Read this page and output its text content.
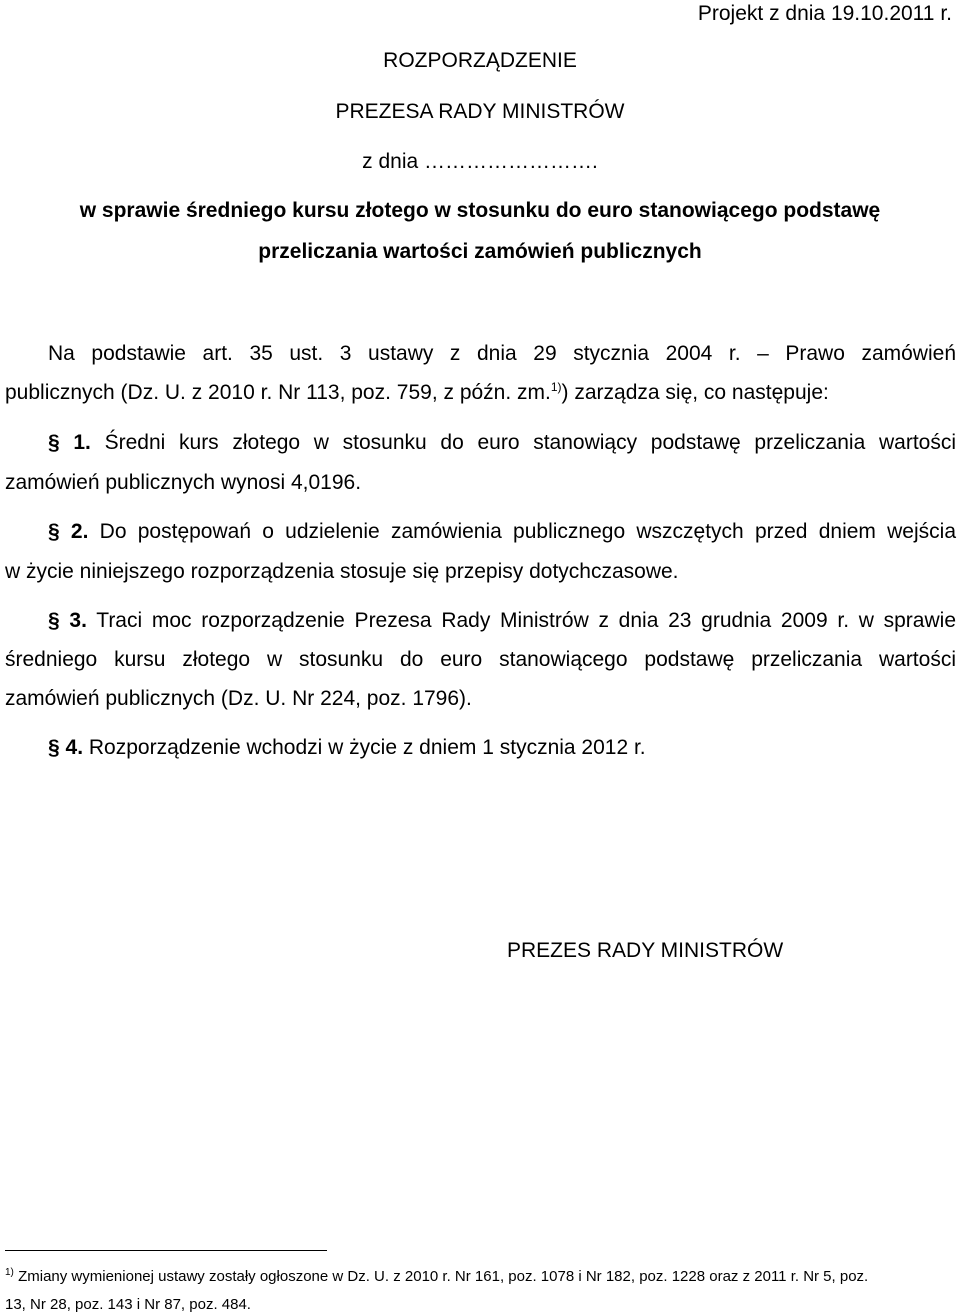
Projekt z dnia 19.10.2011 r.
ROZPORZĄDZENIE
PREZESA RADY MINISTRÓW
z dnia …………………….
w sprawie średniego kursu złotego w stosunku do euro stanowiącego podstawę
przeliczania wartości zamówień publicznych
Na podstawie art. 35 ust. 3 ustawy z dnia 29 stycznia 2004 r. – Prawo zamówień
publicznych (Dz. U. z 2010 r. Nr 113, poz. 759, z późn. zm.$^{1)}$) zarządza się, co następuje:
§ 1. Średni kurs złotego w stosunku do euro stanowiący podstawę przeliczania wartości
zamówień publicznych wynosi 4,0196.
§ 2. Do postępowań o udzielenie zamówienia publicznego wszczętych przed dniem wejścia
w życie niniejszego rozporządzenia stosuje się przepisy dotychczasowe.
§ 3. Traci moc rozporządzenie Prezesa Rady Ministrów z dnia 23 grudnia 2009 r. w sprawie
średniego kursu złotego w stosunku do euro stanowiącego podstawę przeliczania wartości
zamówień publicznych (Dz. U. Nr 224, poz. 1796).
§ 4. Rozporządzenie wchodzi w życie z dniem 1 stycznia 2012 r.
PREZES RADY MINISTRÓW
$^{1)}$ Zmiany wymienionej ustawy zostały ogłoszone w Dz. U. z 2010 r. Nr 161, poz. 1078 i Nr 182, poz. 1228 oraz z 2011 r. Nr 5, poz.
13, Nr 28, poz. 143 i Nr 87, poz. 484.
